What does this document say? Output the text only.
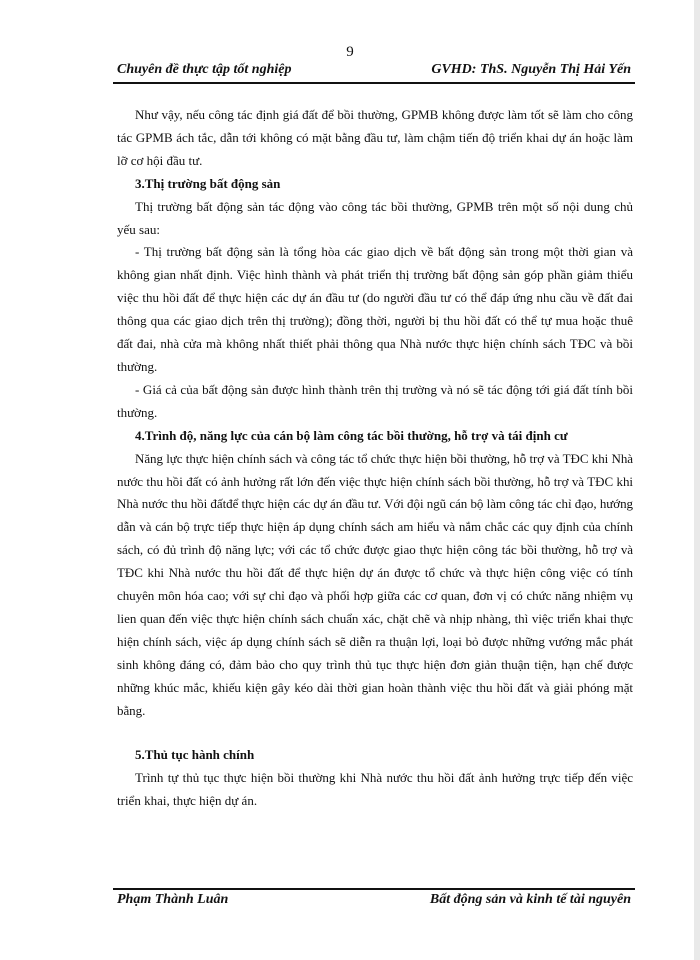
9
Chuyên đề thực tập tốt nghiệp	GVHD: ThS. Nguyễn Thị Hải Yến

Như vậy, nếu công tác định giá đất để bồi thường, GPMB không được làm tốt sẽ làm cho công tác GPMB ách tắc, dẫn tới không có mặt bằng đầu tư, làm chậm tiến độ triển khai dự án hoặc làm lỡ cơ hội đầu tư.

3.Thị trường bất động sản

Thị trường bất động sản tác động vào công tác bồi thường, GPMB trên một số nội dung chủ yếu sau:

- Thị trường bất động sản là tổng hòa các giao dịch về bất động sản trong một thời gian và không gian nhất định. Việc hình thành và phát triển thị trường bất động sản góp phần giảm thiểu việc thu hồi đất để thực hiện các dự án đầu tư (do người đầu tư có thể đáp ứng nhu cầu về đất đai thông qua các giao dịch trên thị trường); đồng thời, người bị thu hồi đất có thể tự mua hoặc thuê đất đai, nhà cửa mà không nhất thiết phải thông qua Nhà nước thực hiện chính sách TĐC và bồi thường.

- Giá cả của bất động sản được hình thành trên thị trường và nó sẽ tác động tới giá đất tính bồi thường.

4.Trình độ, năng lực của cán bộ làm công tác bồi thường, hỗ trợ và tái định cư

Năng lực thực hiện chính sách và công tác tổ chức thực hiện bồi thường, hỗ trợ và TĐC khi Nhà nước thu hồi đất có ảnh hưởng rất lớn đến việc thực hiện chính sách bồi thường, hỗ trợ và TĐC khi Nhà nước thu hồi đấtđể thực hiện các dự án đầu tư. Với đội ngũ cán bộ làm công tác chỉ đạo, hướng dẫn và cán bộ trực tiếp thực hiện áp dụng chính sách am hiểu và nắm chắc các quy định của chính sách, có đủ trình độ năng lực; với các tổ chức được giao thực hiện công tác bồi thường, hỗ trợ và TĐC khi Nhà nước thu hồi đất để thực hiện dự án được tổ chức và thực hiện công việc có tính chuyên môn hóa cao; với sự chỉ đạo và phối hợp giữa các cơ quan, đơn vị có chức năng nhiệm vụ lien quan đến việc thực hiện chính sách chuẩn xác, chặt chẽ và nhịp nhàng, thì việc triển khai thực hiện chính sách, việc áp dụng chính sách sẽ diễn ra thuận lợi, loại bỏ được những vướng mắc phát sinh không đáng có, đảm bảo cho quy trình thủ tục thực hiện đơn giản thuận tiện, hạn chế được những khúc mắc, khiếu kiện gây kéo dài thời gian hoàn thành việc thu hồi đất và giải phóng mặt bằng.

5.Thủ tục hành chính

Trình tự thủ tục thực hiện bồi thường khi Nhà nước thu hồi đất ảnh hưởng trực tiếp đến việc triển khai, thực hiện dự án.

Phạm Thành Luân	Bất động sản và kinh tế tài nguyên
